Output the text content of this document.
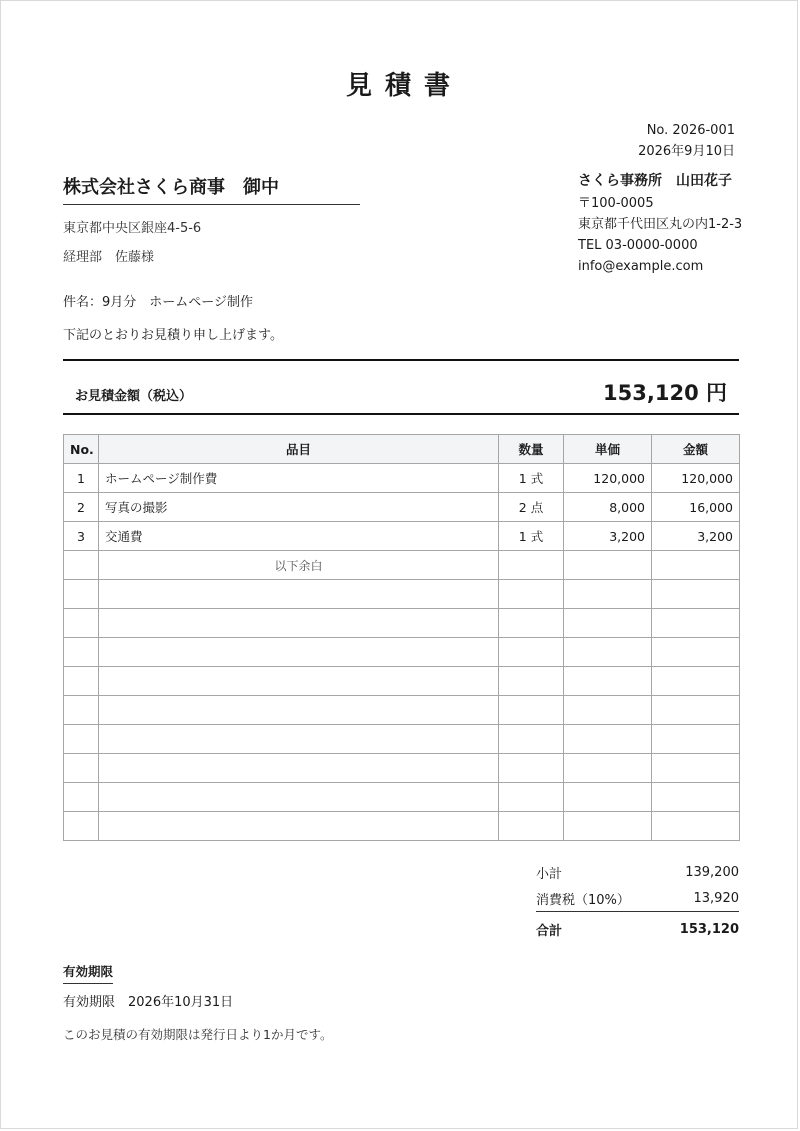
見 積 書
No. 2026-001
2026年9月10日
株式会社さくら商事　御中
東京都中央区銀座4-5-6
経理部　佐藤様
さくら事務所　山田花子
〒100-0005
東京都千代田区丸の内1-2-3
TEL 03-0000-0000
info@example.com
件名：9月分　ホームページ制作
下記のとおりお見積り申し上げます。
お見積金額（税込）	153,120 円
No.	品目	数量	単価	金額
1	ホームページ制作費	1 式	120,000	120,000
2	写真の撮影	2 点	8,000	16,000
3	交通費	1 式	3,200	3,200
	以下余白			

小計	139,200
消費税（10%）	13,920
合計	153,120
有効期限
有効期限　2026年10月31日
このお見積の有効期限は発行日より1か月です。
